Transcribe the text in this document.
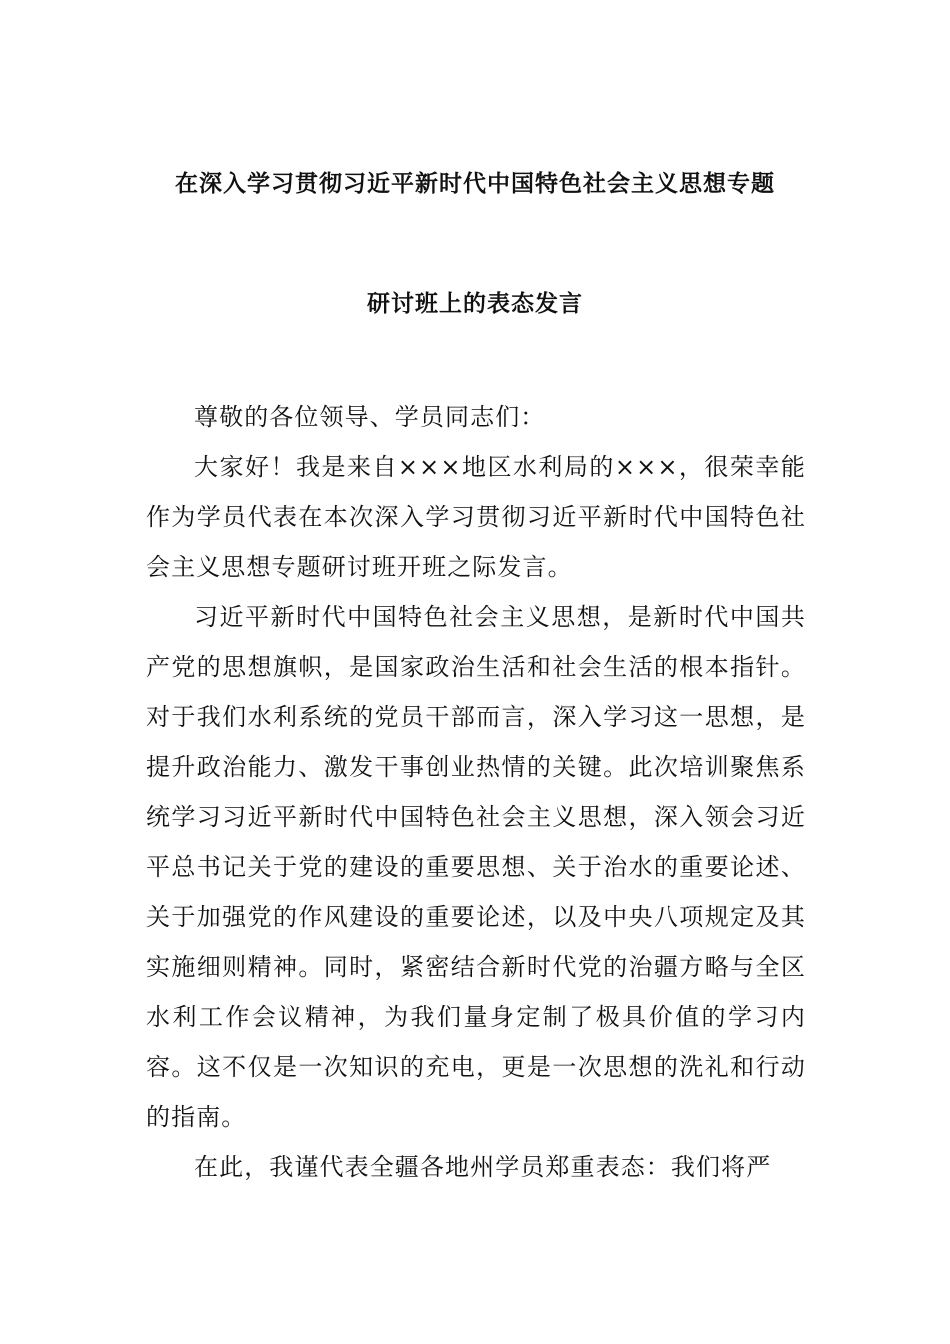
在深入学习贯彻习近平新时代中国特色社会主义思想专题
研讨班上的表态发言

尊敬的各位领导、学员同志们：

大家好！我是来自×××地区水利局的×××，很荣幸能作为学员代表在本次深入学习贯彻习近平新时代中国特色社会主义思想专题研讨班开班之际发言。

习近平新时代中国特色社会主义思想，是新时代中国共产党的思想旗帜，是国家政治生活和社会生活的根本指针。对于我们水利系统的党员干部而言，深入学习这一思想，是提升政治能力、激发干事创业热情的关键。此次培训聚焦系统学习习近平新时代中国特色社会主义思想，深入领会习近平总书记关于党的建设的重要思想、关于治水的重要论述、关于加强党的作风建设的重要论述，以及中央八项规定及其实施细则精神。同时，紧密结合新时代党的治疆方略与全区水利工作会议精神，为我们量身定制了极具价值的学习内容。这不仅是一次知识的充电，更是一次思想的洗礼和行动的指南。

在此，我谨代表全疆各地州学员郑重表态：我们将严
